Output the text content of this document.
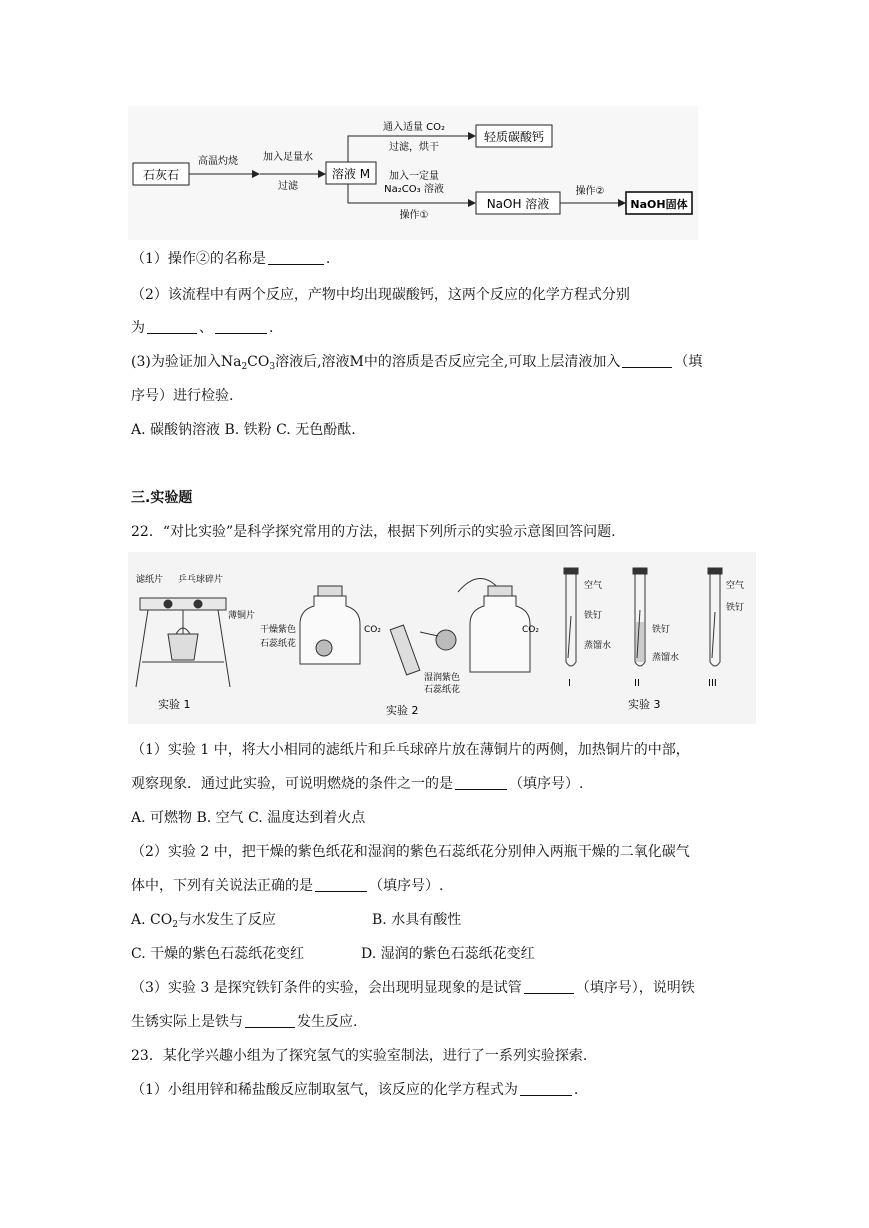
石灰石
高温灼烧	加入足量水
过滤
溶液 M
通入适量 CO₂
过滤，烘干
加入一定量
Na₂CO₃ 溶液
操作①
轻质碳酸钙
NaOH 溶液
操作②
NaOH固体
（1）操作②的名称是	.
（2）该流程中有两个反应，产物中均出现碳酸钙，这两个反应的化学方程式分别
为	、	.
(3)为验证加入$Na_2CO_3$溶液后,溶液M中的溶质是否反应完全,可取上层清液加入	（填
序号）进行检验.
A. 碳酸钠溶液 B. 铁粉 C. 无色酚酞.
三.实验题
22．“对比实验”是科学探究常用的方法，根据下列所示的实验示意图回答问题.
滤纸片 乒乓球碎片
薄铜片
实验 1
干燥紫色
石蕊纸花
CO₂
湿润紫色
石蕊纸花
CO₂
实验 2
空气
铁钉
蒸馏水
铁钉
蒸馏水
空气
铁钉
I	II	III
实验 3
（1）实验 1 中，将大小相同的滤纸片和乒乓球碎片放在薄铜片的两侧，加热铜片的中部，
观察现象．通过此实验，可说明燃烧的条件之一的是	（填序号）.
A. 可燃物 B. 空气 C. 温度达到着火点
（2）实验 2 中，把干燥的紫色纸花和湿润的紫色石蕊纸花分别伸入两瓶干燥的二氧化碳气
体中，下列有关说法正确的是	（填序号）.
A. $CO_2$与水发生了反应	B. 水具有酸性
C. 干燥的紫色石蕊纸花变红	D. 湿润的紫色石蕊纸花变红
（3）实验 3 是探究铁钉条件的实验，会出现明显现象的是试管	（填序号），说明铁
生锈实际上是铁与	发生反应.
23．某化学兴趣小组为了探究氢气的实验室制法，进行了一系列实验探索.
（1）小组用锌和稀盐酸反应制取氢气，该反应的化学方程式为	.
